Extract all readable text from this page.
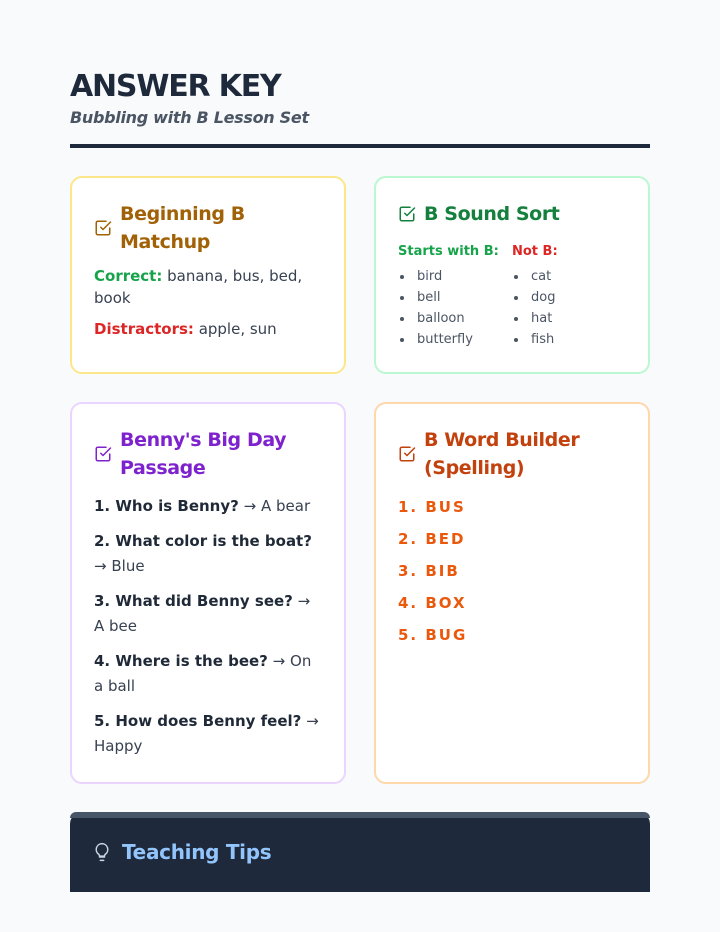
ANSWER KEY
Bubbling with B Lesson Set
Beginning B Matchup
Correct: banana, bus, bed, book
Distractors: apple, sun
B Sound Sort
Starts with B:
bird
bell
balloon
butterfly
Not B:
cat
dog
hat
fish
Benny's Big Day Passage
1. Who is Benny? → A bear
2. What color is the boat? → Blue
3. What did Benny see? → A bee
4. Where is the bee? → On a ball
5. How does Benny feel? → Happy
B Word Builder (Spelling)
1. BUS
2. BED
3. BIB
4. BOX
5. BUG
Teaching Tips
